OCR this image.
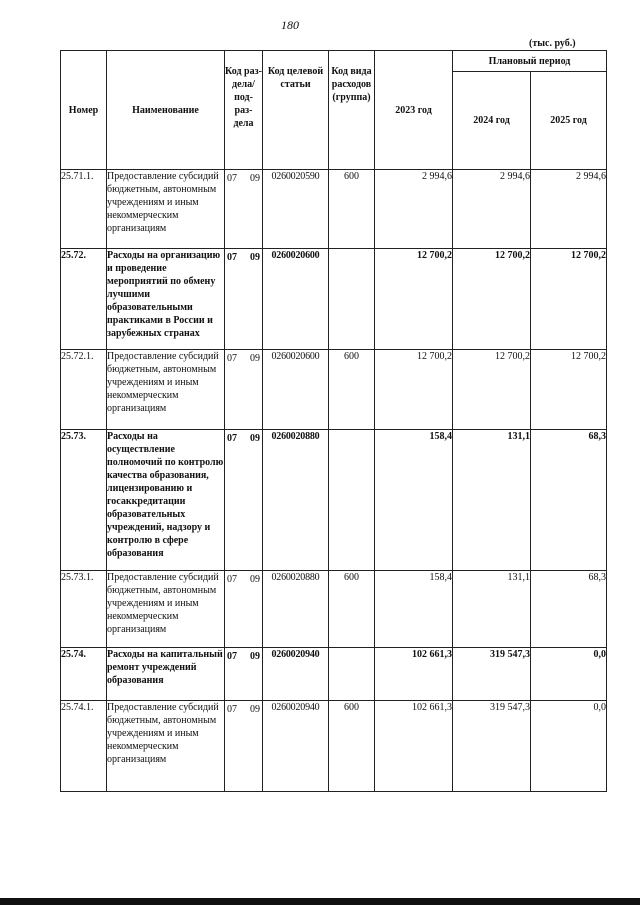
180
(тыс. руб.)
Номер	Наименование	Код раз- дела/ под- раз- дела	Код целевой статьи	Код вида расходов (группа)	2023 год	Плановый период	
						2024 год	2025 год
25.71.1.	Предоставление субсидий бюджетным, автономным учреждениям и иным некоммерческим организациям	07 09	0260020590	600	2 994,6	2 994,6	2 994,6
25.72.	Расходы на организацию и проведение мероприятий по обмену лучшими образовательными практиками в России и зарубежных странах	07 09	0260020600		12 700,2	12 700,2	12 700,2
25.72.1.	Предоставление субсидий бюджетным, автономным учреждениям и иным некоммерческим организациям	07 09	0260020600	600	12 700,2	12 700,2	12 700,2
25.73.	Расходы на осуществление полномочий по контролю качества образования, лицензированию и госаккредитации образовательных учреждений, надзору и контролю в сфере образования	07 09	0260020880		158,4	131,1	68,3
25.73.1.	Предоставление субсидий бюджетным, автономным учреждениям и иным некоммерческим организациям	07 09	0260020880	600	158,4	131,1	68,3
25.74.	Расходы на капитальный ремонт учреждений образования	07 09	0260020940		102 661,3	319 547,3	0,0
25.74.1.	Предоставление субсидий бюджетным, автономным учреждениям и иным некоммерческим организациям	07 09	0260020940	600	102 661,3	319 547,3	0,0
